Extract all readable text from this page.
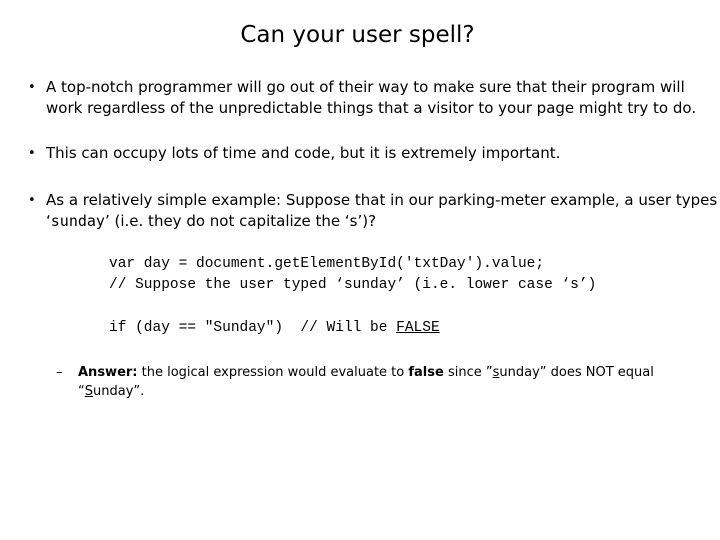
Can your user spell?
• A top-notch programmer will go out of their way to make sure that their program will
work regardless of the unpredictable things that a visitor to your page might try to do.
• This can occupy lots of time and code, but it is extremely important.
• As a relatively simple example: Suppose that in our parking-meter example, a user types
‘sunday’ (i.e. they do not capitalize the ‘s’)?
var day = document.getElementById('txtDay').value;
// Suppose the user typed ‘sunday’ (i.e. lower case ‘s’)
if (day == "Sunday")  // Will be FALSE
– Answer: the logical expression would evaluate to false since ”sunday” does NOT equal
“Sunday”.
